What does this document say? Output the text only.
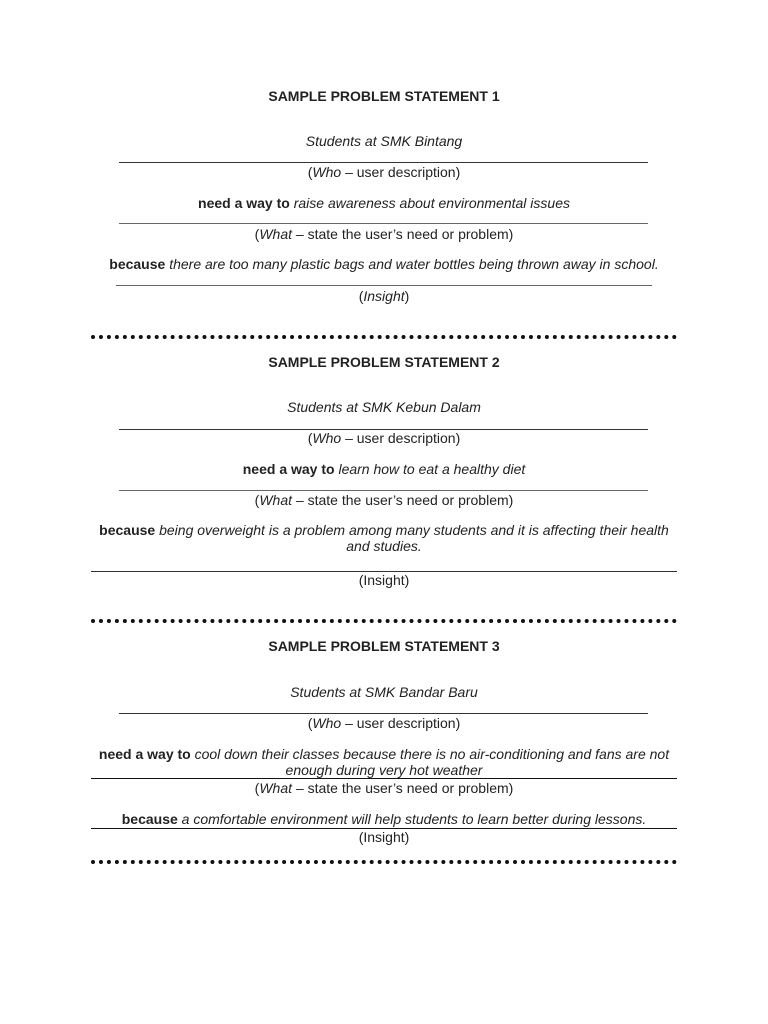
SAMPLE PROBLEM STATEMENT 1
Students at SMK Bintang
(Who – user description)
need a way to raise awareness about environmental issues
(What – state the user’s need or problem)
because there are too many plastic bags and water bottles being thrown away in school.
(Insight)
SAMPLE PROBLEM STATEMENT 2
Students at SMK Kebun Dalam
(Who – user description)
need a way to learn how to eat a healthy diet
(What – state the user’s need or problem)
because being overweight is a problem among many students and it is affecting their health and studies.
(Insight)
SAMPLE PROBLEM STATEMENT 3
Students at SMK Bandar Baru
(Who – user description)
need a way to cool down their classes because there is no air-conditioning and fans are not enough during very hot weather
(What – state the user’s need or problem)
because a comfortable environment will help students to learn better during lessons.
(Insight)
